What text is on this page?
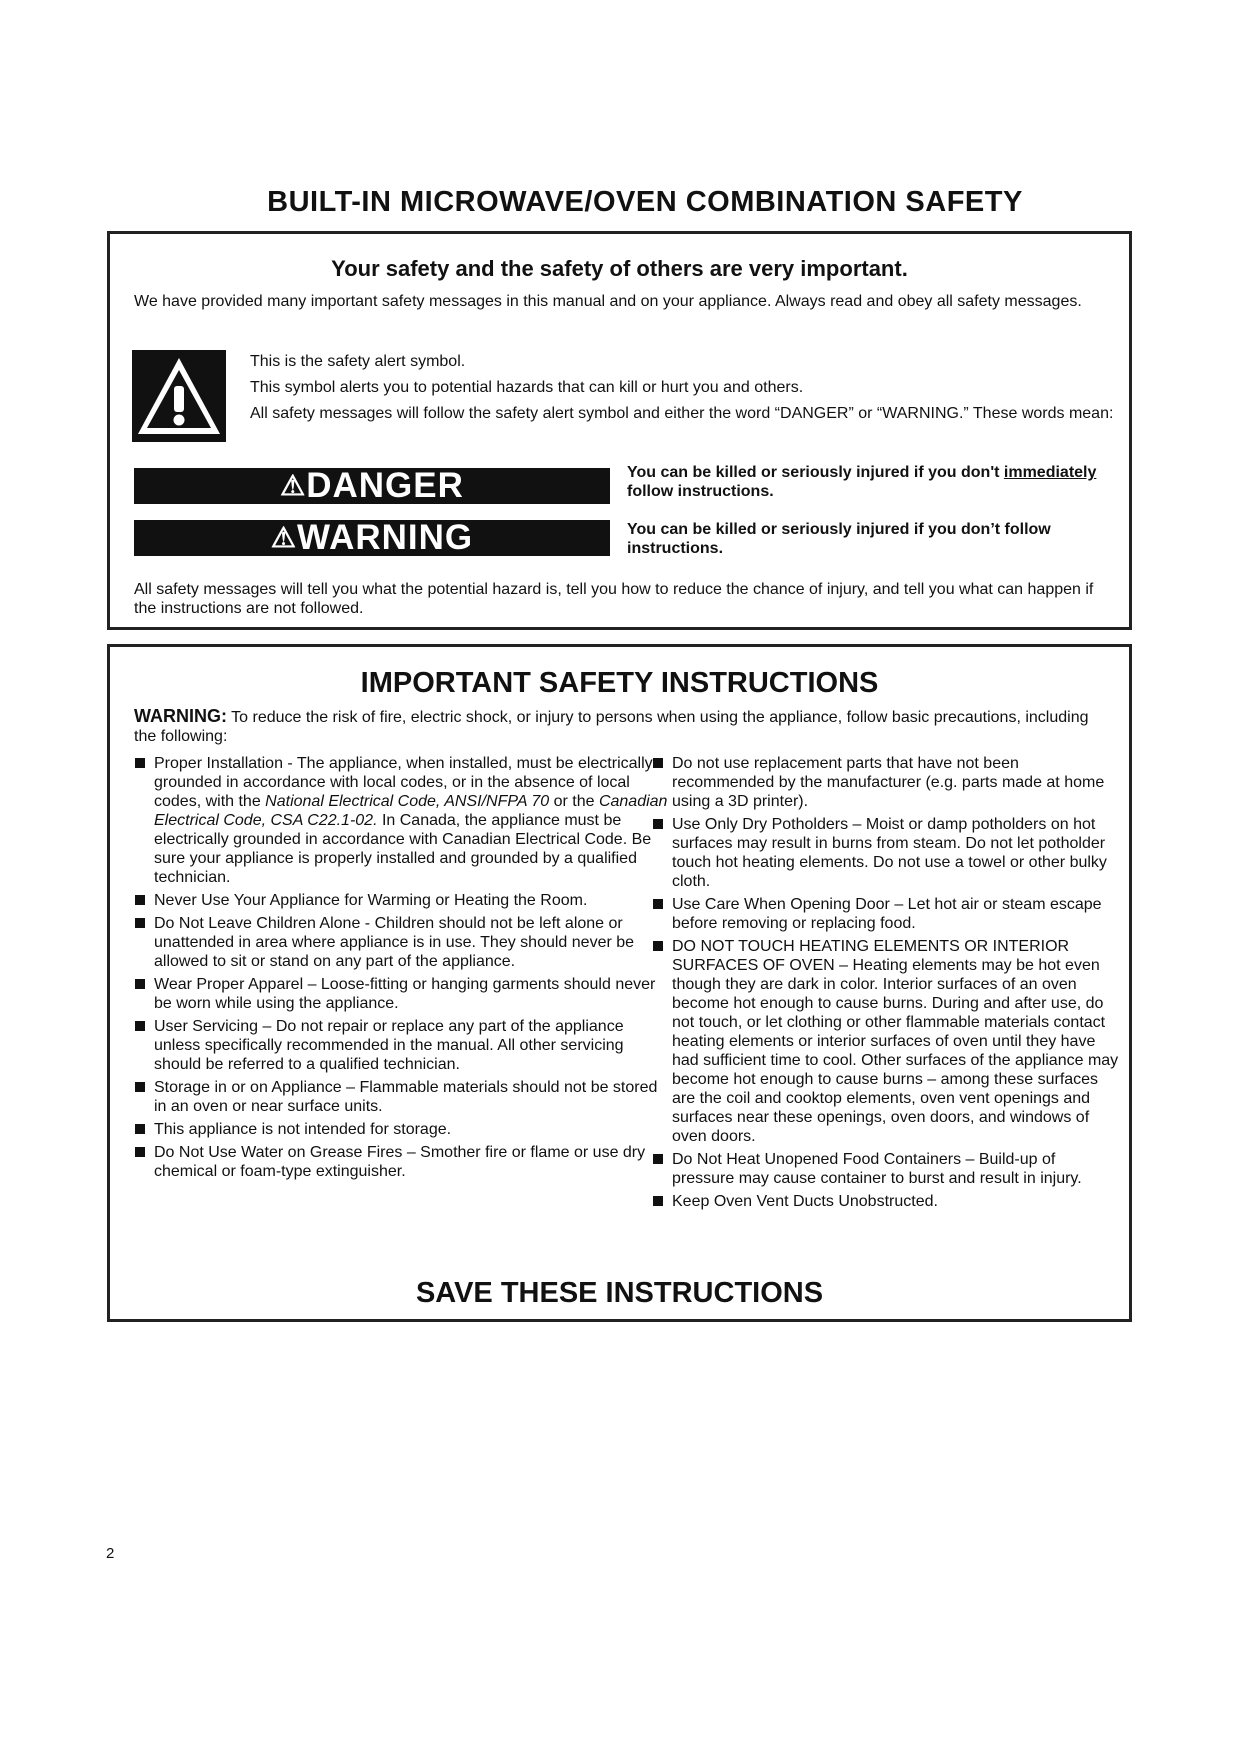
BUILT-IN MICROWAVE/OVEN COMBINATION SAFETY
Your safety and the safety of others are very important.
We have provided many important safety messages in this manual and on your appliance. Always read and obey all safety messages.
This is the safety alert symbol.
This symbol alerts you to potential hazards that can kill or hurt you and others.
All safety messages will follow the safety alert symbol and either the word “DANGER” or “WARNING.” These words mean:
⚠DANGER	You can be killed or seriously injured if you don't immediately follow instructions.
⚠WARNING	You can be killed or seriously injured if you don’t follow instructions.
All safety messages will tell you what the potential hazard is, tell you how to reduce the chance of injury, and tell you what can happen if the instructions are not followed.
IMPORTANT SAFETY INSTRUCTIONS
WARNING: To reduce the risk of fire, electric shock, or injury to persons when using the appliance, follow basic precautions, including the following:
Proper Installation - The appliance, when installed, must be electrically grounded in accordance with local codes, or in the absence of local codes, with the National Electrical Code, ANSI/NFPA 70 or the Canadian Electrical Code, CSA C22.1-02. In Canada, the appliance must be electrically grounded in accordance with Canadian Electrical Code. Be sure your appliance is properly installed and grounded by a qualified technician.
Never Use Your Appliance for Warming or Heating the Room.
Do Not Leave Children Alone - Children should not be left alone or unattended in area where appliance is in use. They should never be allowed to sit or stand on any part of the appliance.
Wear Proper Apparel – Loose-fitting or hanging garments should never be worn while using the appliance.
User Servicing – Do not repair or replace any part of the appliance unless specifically recommended in the manual. All other servicing should be referred to a qualified technician.
Storage in or on Appliance – Flammable materials should not be stored in an oven or near surface units.
This appliance is not intended for storage.
Do Not Use Water on Grease Fires – Smother fire or flame or use dry chemical or foam-type extinguisher.
Do not use replacement parts that have not been recommended by the manufacturer (e.g. parts made at home using a 3D printer).
Use Only Dry Potholders – Moist or damp potholders on hot surfaces may result in burns from steam. Do not let potholder touch hot heating elements. Do not use a towel or other bulky cloth.
Use Care When Opening Door – Let hot air or steam escape before removing or replacing food.
DO NOT TOUCH HEATING ELEMENTS OR INTERIOR SURFACES OF OVEN – Heating elements may be hot even though they are dark in color. Interior surfaces of an oven become hot enough to cause burns. During and after use, do not touch, or let clothing or other flammable materials contact heating elements or interior surfaces of oven until they have had sufficient time to cool. Other surfaces of the appliance may become hot enough to cause burns – among these surfaces are the coil and cooktop elements, oven vent openings and surfaces near these openings, oven doors, and windows of oven doors.
Do Not Heat Unopened Food Containers – Build-up of pressure may cause container to burst and result in injury.
Keep Oven Vent Ducts Unobstructed.
SAVE THESE INSTRUCTIONS
2
